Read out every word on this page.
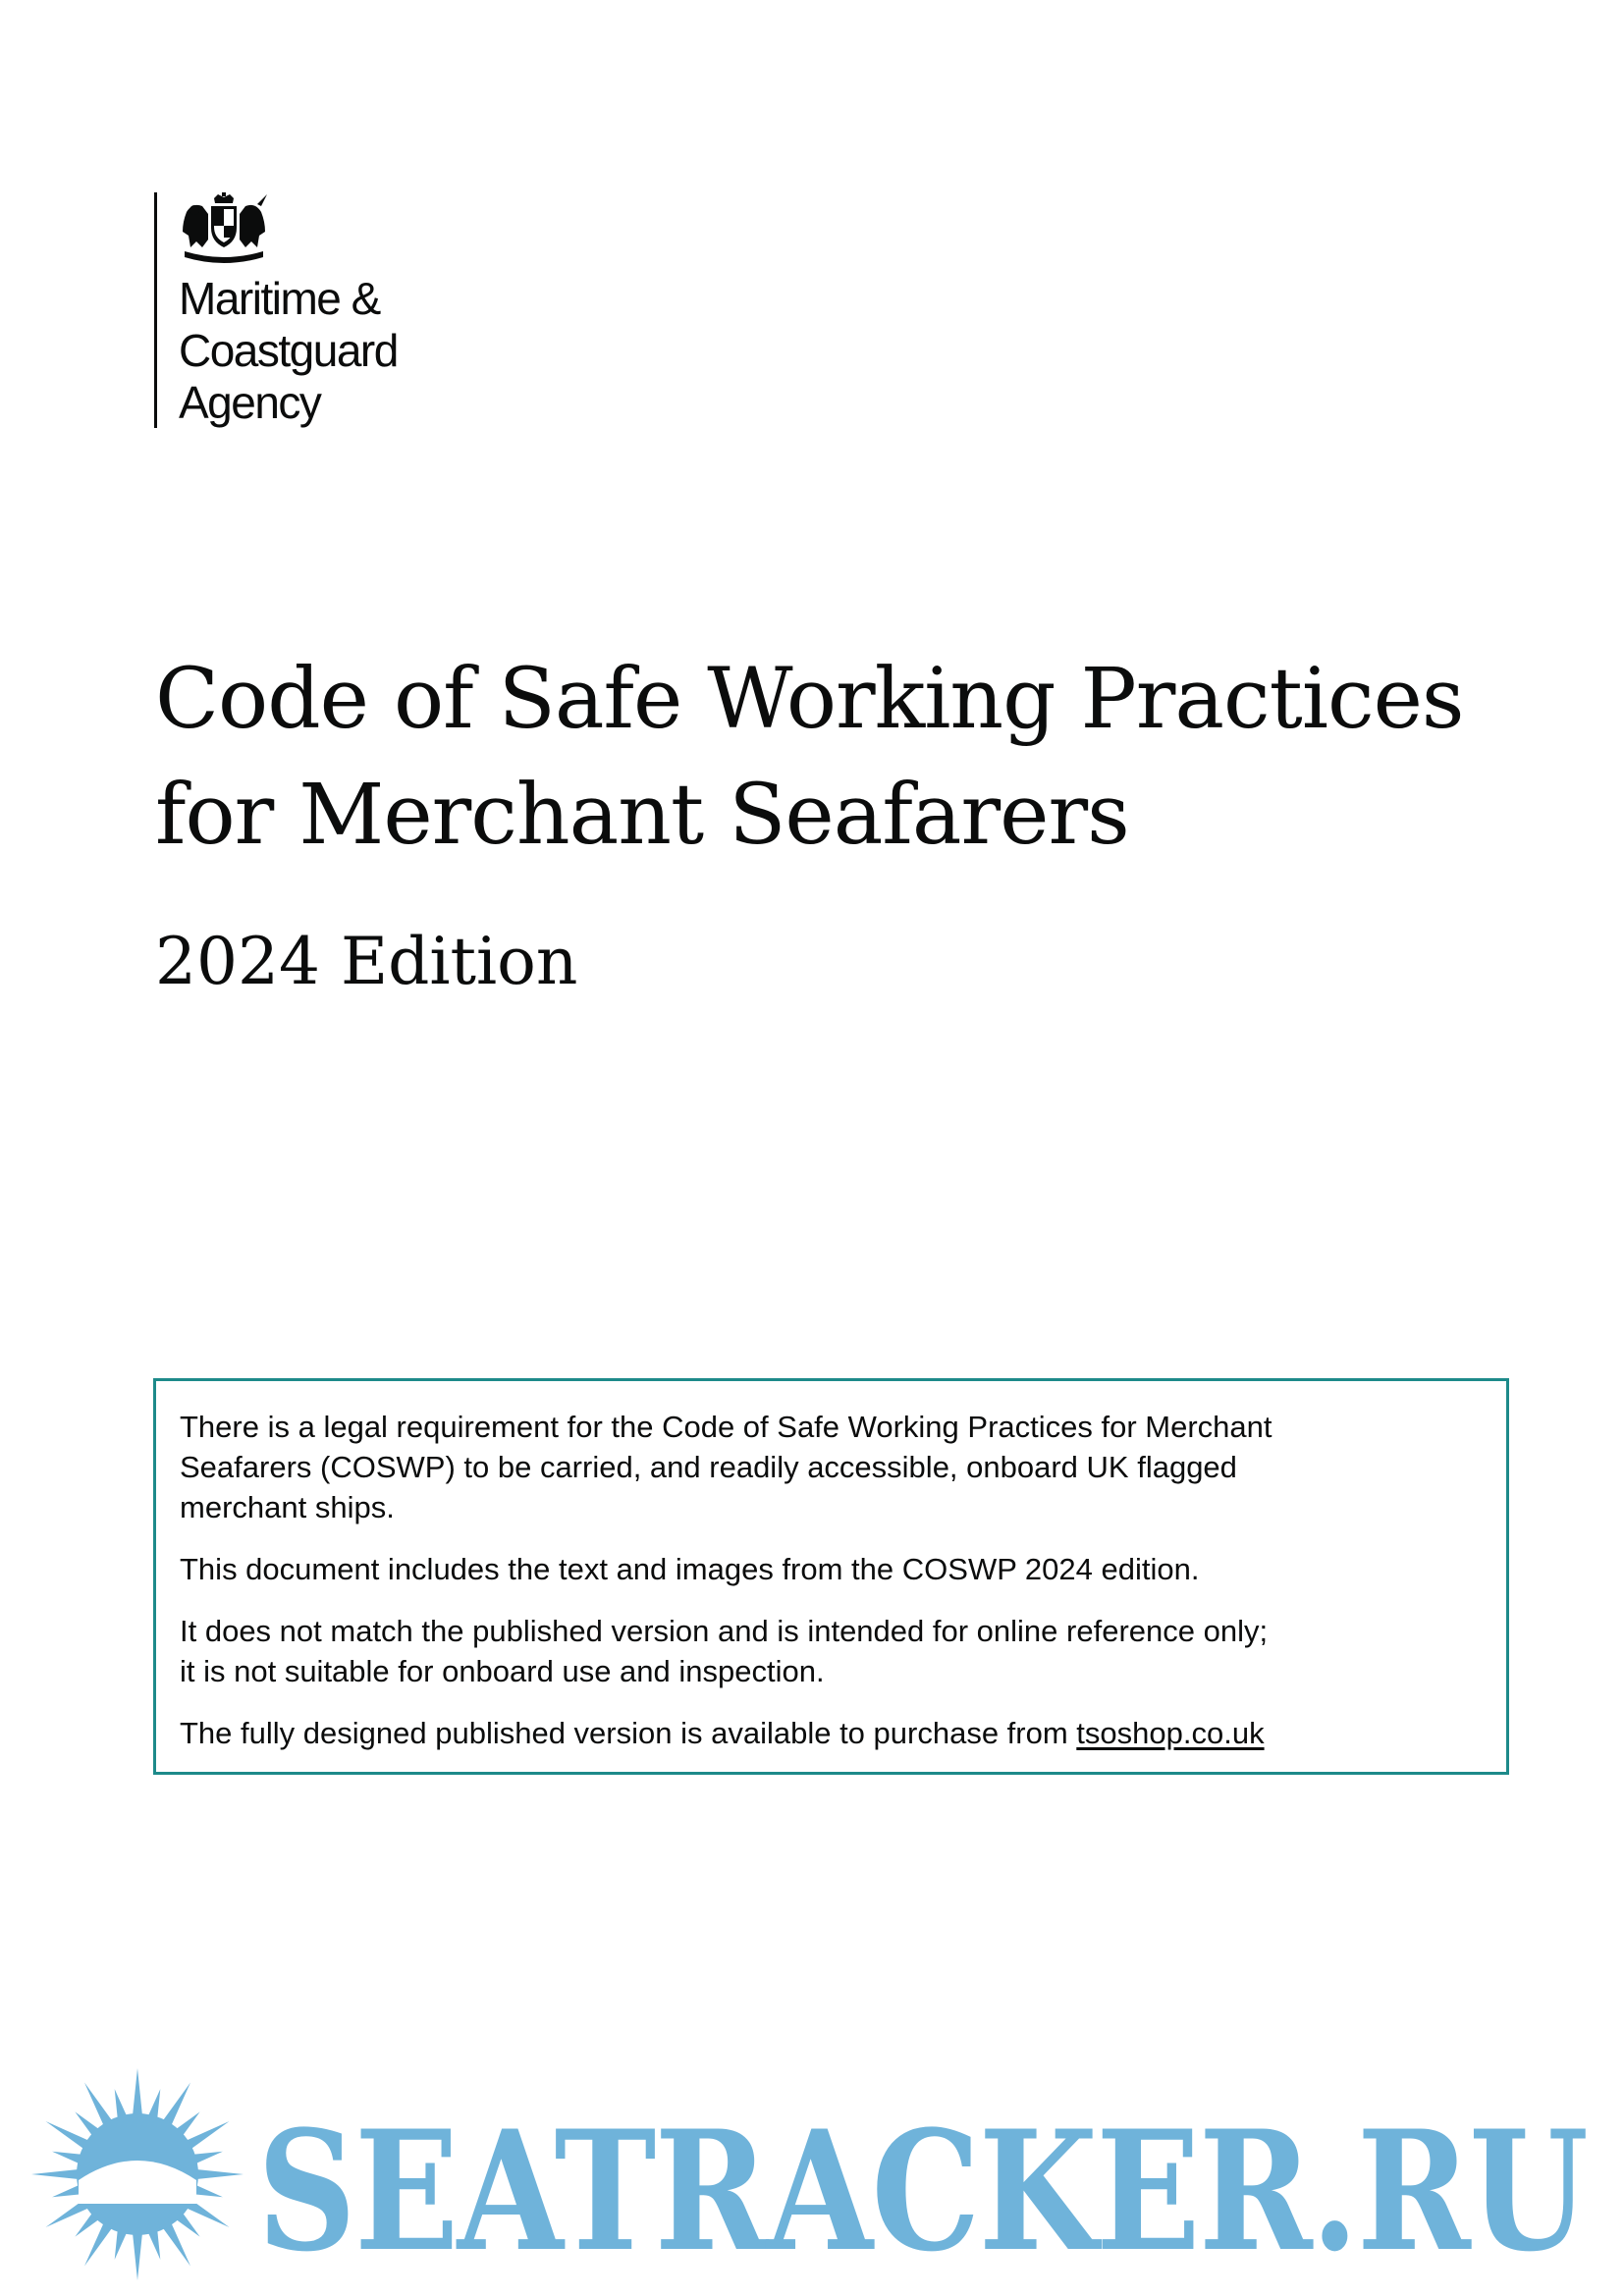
Maritime &
Coastguard
Agency
Code of Safe Working Practices
for Merchant Seafarers
2024 Edition

There is a legal requirement for the Code of Safe Working Practices for Merchant
Seafarers (COSWP) to be carried, and readily accessible, onboard UK flagged
merchant ships.

This document includes the text and images from the COSWP 2024 edition.

It does not match the published version and is intended for online reference only;
it is not suitable for onboard use and inspection.

The fully designed published version is available to purchase from tsoshop.co.uk

SEATRACKER.RU
